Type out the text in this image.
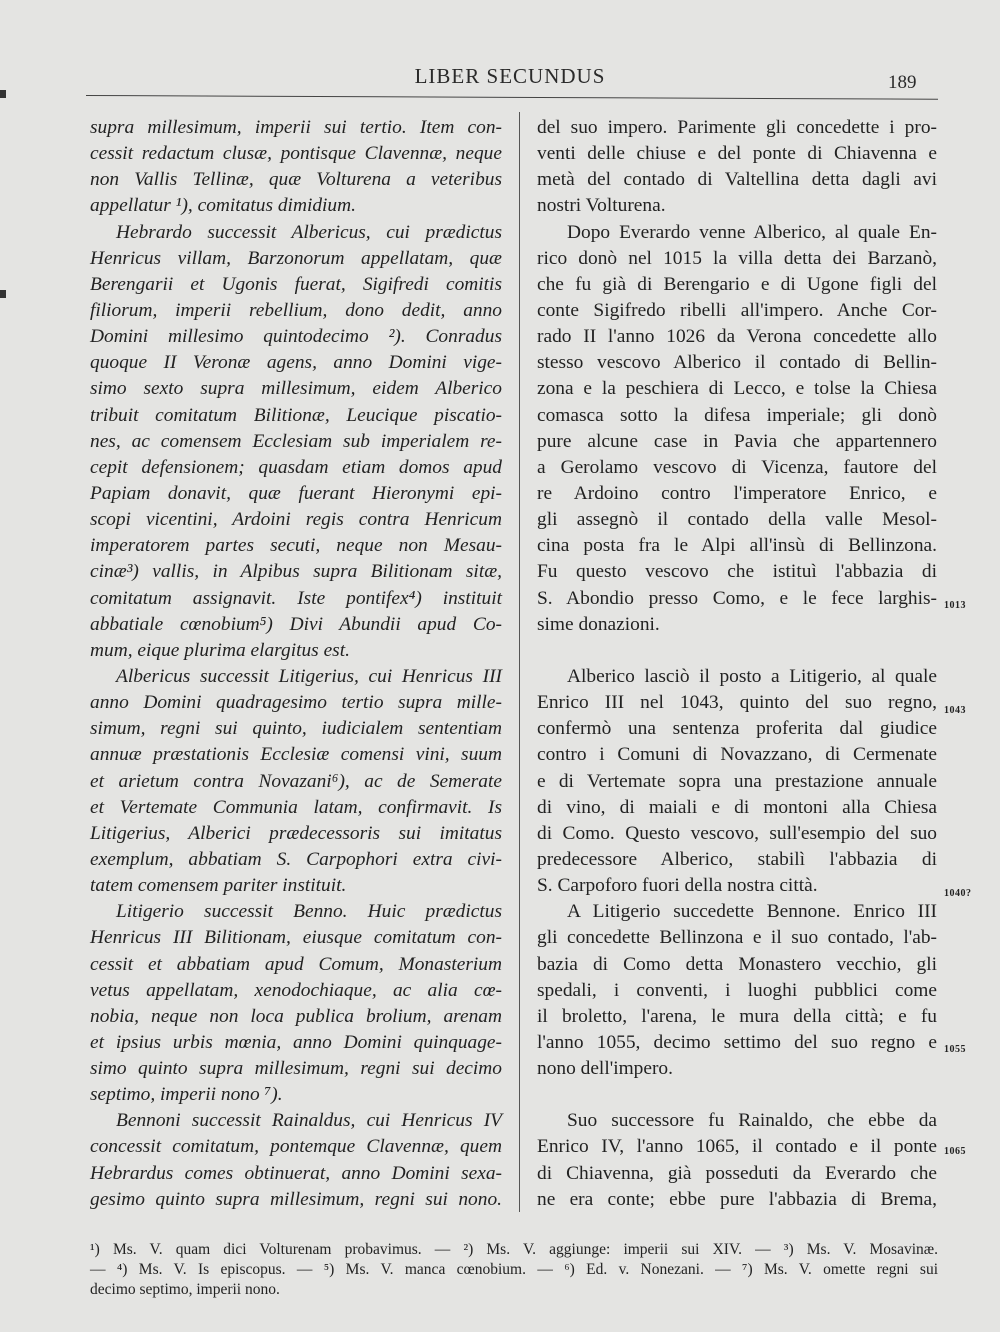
LIBER SECUNDUS	189
supra millesimum, imperii sui tertio. Item con-
cessit redactum clusæ, pontisque Clavennæ, neque
non Vallis Tellinæ, quæ Volturena a veteribus
appellatur ¹), comitatus dimidium.
Hebrardo successit Albericus, cui prædictus
Henricus villam, Barzonorum appellatam, quæ
Berengarii et Ugonis fuerat, Sigifredi comitis
filiorum, imperii rebellium, dono dedit, anno
Domini millesimo quintodecimo ²). Conradus
quoque II Veronæ agens, anno Domini vige-
simo sexto supra millesimum, eidem Alberico
tribuit comitatum Bilitionæ, Leucique piscatio-
nes, ac comensem Ecclesiam sub imperialem re-
cepit defensionem; quasdam etiam domos apud
Papiam donavit, quæ fuerant Hieronymi epi-
scopi vicentini, Ardoini regis contra Henricum
imperatorem partes secuti, neque non Mesau-
cinæ³) vallis, in Alpibus supra Bilitionam sitæ,
comitatum assignavit. Iste pontifex⁴) instituit
abbatiale cœnobium⁵) Divi Abundii apud Co-
mum, eique plurima elargitus est.
Albericus successit Litigerius, cui Henricus III
anno Domini quadragesimo tertio supra mille-
simum, regni sui quinto, iudicialem sententiam
annuæ præstationis Ecclesiæ comensi vini, suum
et arietum contra Novazani⁶), ac de Semerate
et Vertemate Communia latam, confirmavit. Is
Litigerius, Alberici prædecessoris sui imitatus
exemplum, abbatiam S. Carpophori extra civi-
tatem comensem pariter instituit.
Litigerio successit Benno. Huic prædictus
Henricus III Bilitionam, eiusque comitatum con-
cessit et abbatiam apud Comum, Monasterium
vetus appellatam, xenodochiaque, ac alia cœ-
nobia, neque non loca publica brolium, arenam
et ipsius urbis mœnia, anno Domini quinquage-
simo quinto supra millesimum, regni sui decimo
septimo, imperii nono ⁷).
Bennoni successit Rainaldus, cui Henricus IV
concessit comitatum, pontemque Clavennæ, quem
Hebrardus comes obtinuerat, anno Domini sexa-
gesimo quinto supra millesimum, regni sui nono.
del suo impero. Parimente gli concedette i pro-
venti delle chiuse e del ponte di Chiavenna e
metà del contado di Valtellina detta dagli avi
nostri Volturena.
Dopo Everardo venne Alberico, al quale En-
rico donò nel 1015 la villa detta dei Barzanò,
che fu già di Berengario e di Ugone figli del
conte Sigifredo ribelli all'impero. Anche Cor-
rado II l'anno 1026 da Verona concedette allo
stesso vescovo Alberico il contado di Bellin-
zona e la peschiera di Lecco, e tolse la Chiesa
comasca sotto la difesa imperiale; gli donò
pure alcune case in Pavia che appartennero
a Gerolamo vescovo di Vicenza, fautore del
re Ardoino contro l'imperatore Enrico, e
gli assegnò il contado della valle Mesol-
cina posta fra le Alpi all'insù di Bellinzona.
Fu questo vescovo che istituì l'abbazia di
S. Abondio presso Como, e le fece larghis-
sime donazioni.
Alberico lasciò il posto a Litigerio, al quale
Enrico III nel 1043, quinto del suo regno,
confermò una sentenza proferita dal giudice
contro i Comuni di Novazzano, di Cermenate
e di Vertemate sopra una prestazione annuale
di vino, di maiali e di montoni alla Chiesa
di Como. Questo vescovo, sull'esempio del suo
predecessore Alberico, stabilì l'abbazia di
S. Carpoforo fuori della nostra città.
A Litigerio succedette Bennone. Enrico III
gli concedette Bellinzona e il suo contado, l'ab-
bazia di Como detta Monastero vecchio, gli
spedali, i conventi, i luoghi pubblici come
il broletto, l'arena, le mura della città; e fu
l'anno 1055, decimo settimo del suo regno e
nono dell'impero.
Suo successore fu Rainaldo, che ebbe da
Enrico IV, l'anno 1065, il contado e il ponte
di Chiavenna, già posseduti da Everardo che
ne era conte; ebbe pure l'abbazia di Brema,
1013
1043
1040?
1055
1065
¹) Ms. V. quam dici Volturenam probavimus. — ²) Ms. V. aggiunge: imperii sui XIV. — ³) Ms. V. Mosavinæ.
— ⁴) Ms. V. Is episcopus. — ⁵) Ms. V. manca cœnobium. — ⁶) Ed. v. Nonezani. — ⁷) Ms. V. omette regni sui
decimo septimo, imperii nono.
